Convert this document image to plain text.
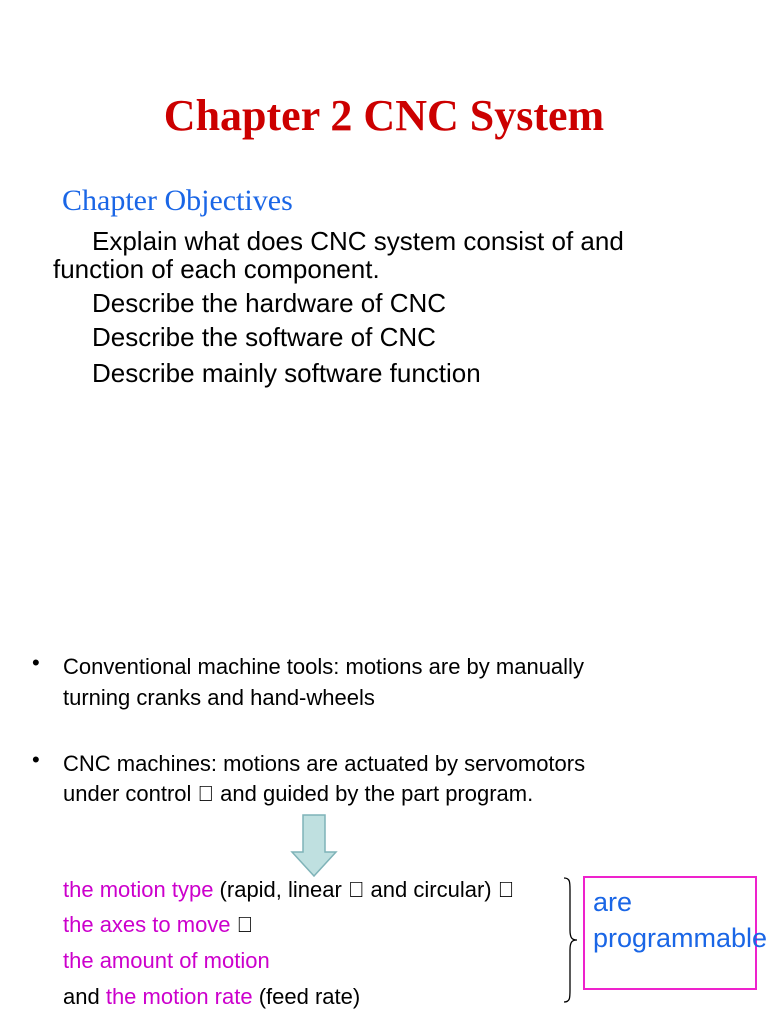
Chapter 2 CNC System
Chapter Objectives
Explain what does CNC system consist of and
function of each component.
Describe the hardware of CNC
Describe the software of CNC
Describe mainly software function
• Conventional machine tools: motions are by manually
turning cranks and hand-wheels
• CNC machines: motions are actuated by servomotors
under control and guided by the part program.
the motion type (rapid, linear and circular)
the axes to move
the amount of motion
and the motion rate (feed rate)
are programmable
